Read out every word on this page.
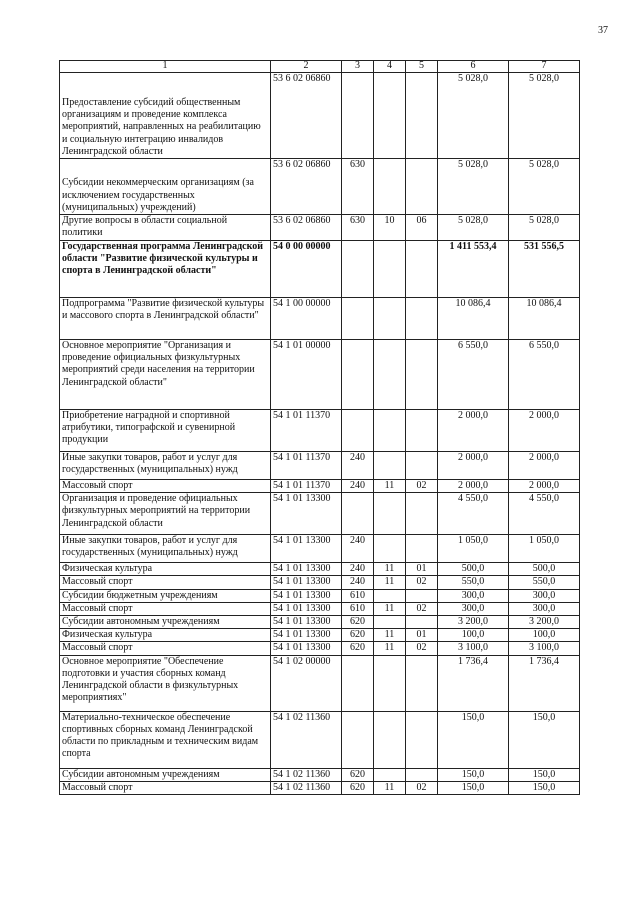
37
1	2	3	4	5	6	7
Предоставление субсидий общественным организациям и проведение комплекса мероприятий, направленных на реабилитацию и социальную интеграцию инвалидов Ленинградской области	53 6 02 06860				5 028,0	5 028,0
Субсидии некоммерческим организациям (за исключением государственных (муниципальных) учреждений)	53 6 02 06860	630			5 028,0	5 028,0
Другие вопросы в области социальной политики	53 6 02 06860	630	10	06	5 028,0	5 028,0
Государственная программа Ленинградской области "Развитие физической культуры и спорта в Ленинградской области"	54 0 00 00000				1 411 553,4	531 556,5
Подпрограмма "Развитие физической культуры и массового спорта в Ленинградской области"	54 1 00 00000				10 086,4	10 086,4
Основное мероприятие "Организация и проведение официальных физкультурных мероприятий среди населения на территории Ленинградской области"	54 1 01 00000				6 550,0	6 550,0
Приобретение наградной и спортивной атрибутики, типографской и сувенирной продукции	54 1 01 11370				2 000,0	2 000,0
Иные закупки товаров, работ и услуг для государственных (муниципальных) нужд	54 1 01 11370	240			2 000,0	2 000,0
Массовый спорт	54 1 01 11370	240	11	02	2 000,0	2 000,0
Организация и проведение официальных физкультурных мероприятий на территории Ленинградской области	54 1 01 13300				4 550,0	4 550,0
Иные закупки товаров, работ и услуг для государственных (муниципальных) нужд	54 1 01 13300	240			1 050,0	1 050,0
Физическая культура	54 1 01 13300	240	11	01	500,0	500,0
Массовый спорт	54 1 01 13300	240	11	02	550,0	550,0
Субсидии бюджетным учреждениям	54 1 01 13300	610			300,0	300,0
Массовый спорт	54 1 01 13300	610	11	02	300,0	300,0
Субсидии автономным учреждениям	54 1 01 13300	620			3 200,0	3 200,0
Физическая культура	54 1 01 13300	620	11	01	100,0	100,0
Массовый спорт	54 1 01 13300	620	11	02	3 100,0	3 100,0
Основное мероприятие "Обеспечение подготовки и участия сборных команд Ленинградской области в физкультурных мероприятиях"	54 1 02 00000				1 736,4	1 736,4
Материально-техническое обеспечение спортивных сборных команд Ленинградской области по прикладным и техническим видам спорта	54 1 02 11360				150,0	150,0
Субсидии автономным учреждениям	54 1 02 11360	620			150,0	150,0
Массовый спорт	54 1 02 11360	620	11	02	150,0	150,0
